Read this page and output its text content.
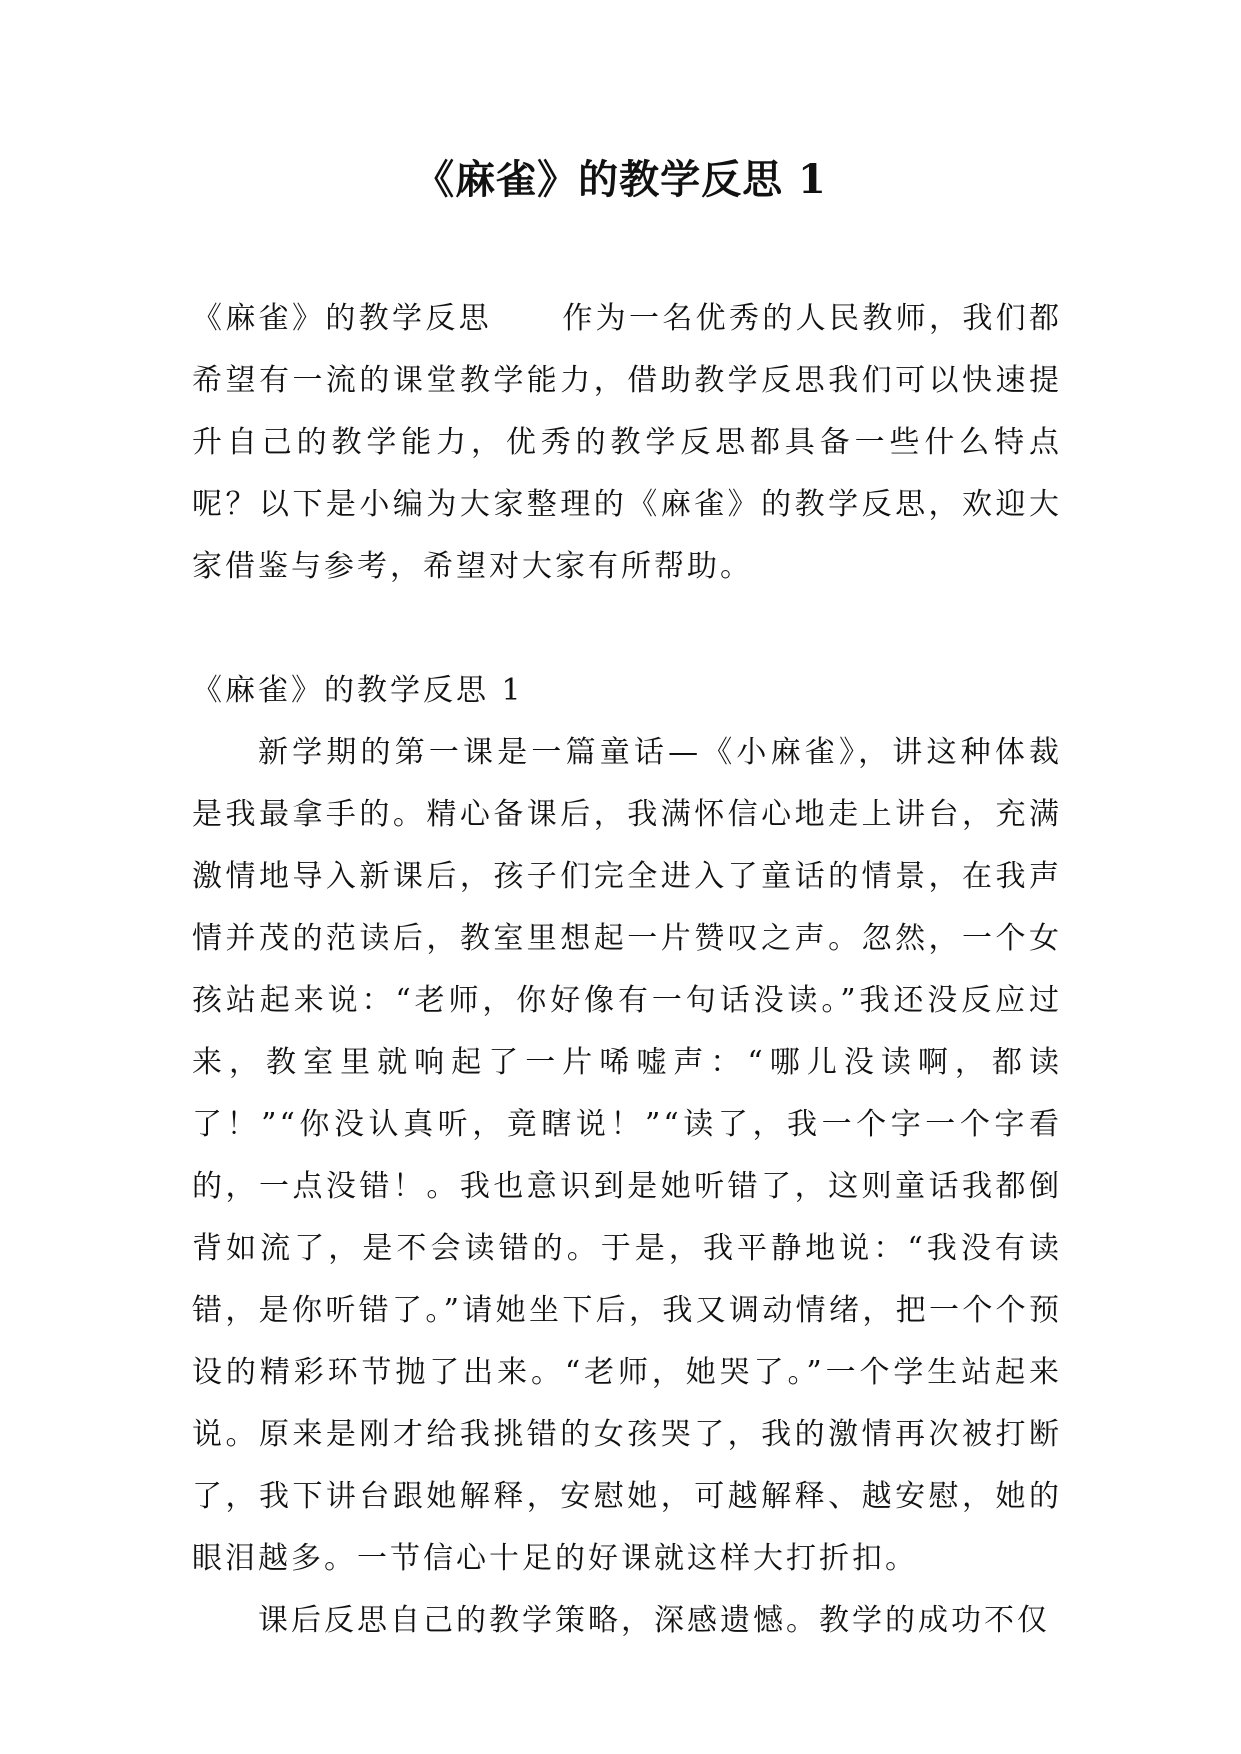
《麻雀》的教学反思 1

《麻雀》的教学反思 作为一名优秀的人民教师，我们都希望有一流的课堂教学能力，借助教学反思我们可以快速提升自己的教学能力，优秀的教学反思都具备一些什么特点呢？以下是小编为大家整理的《麻雀》的教学反思，欢迎大家借鉴与参考，希望对大家有所帮助。

《麻雀》的教学反思 1

新学期的第一课是一篇童话—《小麻雀》，讲这种体裁是我最拿手的。精心备课后，我满怀信心地走上讲台，充满激情地导入新课后，孩子们完全进入了童话的情景，在我声情并茂的范读后，教室里想起一片赞叹之声。忽然，一个女孩站起来说：“老师，你好像有一句话没读。”我还没反应过来，教室里就响起了一片唏嘘声：“哪儿没读啊，都读了！”“你没认真听，竟瞎说！”“读了，我一个字一个字看的，一点没错！。我也意识到是她听错了，这则童话我都倒背如流了，是不会读错的。于是，我平静地说：“我没有读错，是你听错了。”请她坐下后，我又调动情绪，把一个个预设的精彩环节抛了出来。“老师，她哭了。”一个学生站起来说。原来是刚才给我挑错的女孩哭了，我的激情再次被打断了，我下讲台跟她解释，安慰她，可越解释、越安慰，她的眼泪越多。一节信心十足的好课就这样大打折扣。

课后反思自己的教学策略，深感遗憾。教学的成功不仅
